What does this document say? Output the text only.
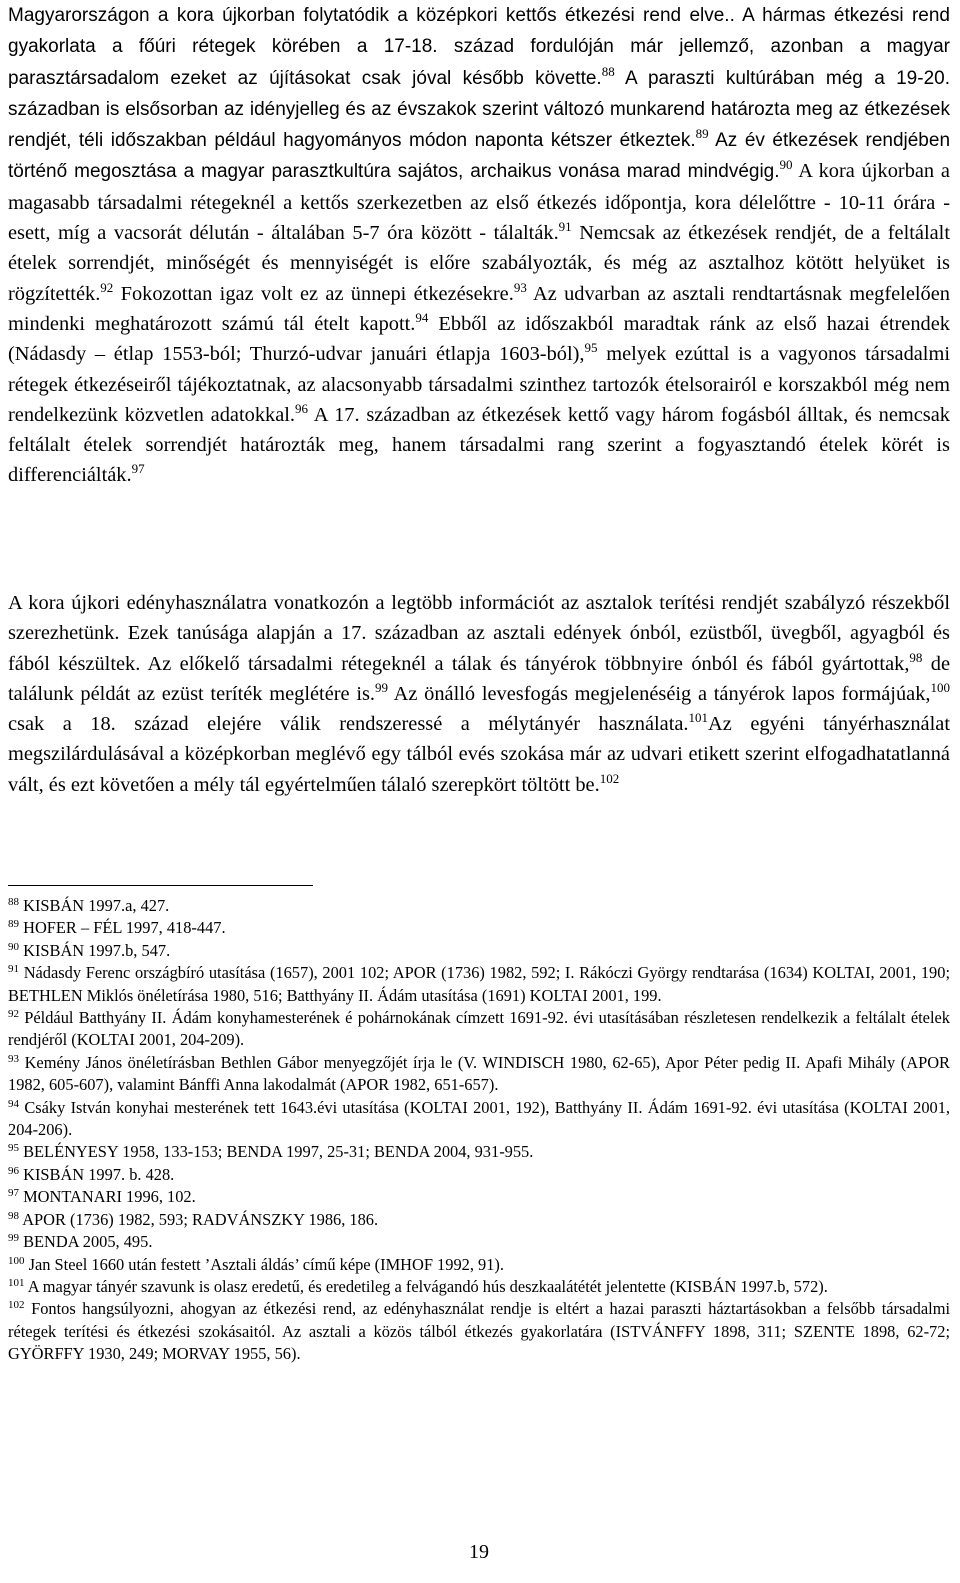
Magyarországon a kora újkorban folytatódik a középkori kettős étkezési rend elve.. A hármas étkezési rend gyakorlata a főúri rétegek körében a 17-18. század fordulóján már jellemző, azonban a magyar parasztársadalom ezeket az újításokat csak jóval később követte.$^{88}$ A paraszti kultúrában még a 19-20. században is elsősorban az idényjelleg és az évszakok szerint változó munkarend határozta meg az étkezések rendjét, téli időszakban például hagyományos módon naponta kétszer étkeztek.$^{89}$ Az év étkezések rendjében történő megosztása a magyar parasztkultúra sajátos, archaikus vonása marad mindvégig.$^{90}$ A kora újkorban a magasabb társadalmi rétegeknél a kettős szerkezetben az első étkezés időpontja, kora délelőttre - 10-11 órára - esett, míg a vacsorát délután - általában 5-7 óra között - tálalták.$^{91}$ Nemcsak az étkezések rendjét, de a feltálalt ételek sorrendjét, minőségét és mennyiségét is előre szabályozták, és még az asztalhoz kötött helyüket is rögzítették.$^{92}$ Fokozottan igaz volt ez az ünnepi étkezésekre.$^{93}$ Az udvarban az asztali rendtartásnak megfelelően mindenki meghatározott számú tál ételt kapott.$^{94}$ Ebből az időszakból maradtak ránk az első hazai étrendek (Nádasdy – étlap 1553-ból; Thurzó-udvar januári étlapja 1603-ból),$^{95}$ melyek ezúttal is a vagyonos társadalmi rétegek étkezéseiről tájékoztatnak, az alacsonyabb társadalmi szinthez tartozók ételsorairól e korszakból még nem rendelkezünk közvetlen adatokkal.$^{96}$ A 17. században az étkezések kettő vagy három fogásból álltak, és nemcsak feltálalt ételek sorrendjét határozták meg, hanem társadalmi rang szerint a fogyasztandó ételek körét is differenciálták.$^{97}$

A kora újkori edényhasználatra vonatkozón a legtöbb információt az asztalok terítési rendjét szabályzó részekből szerezhetünk. Ezek tanúsága alapján a 17. században az asztali edények ónból, ezüstből, üvegből, agyagból és fából készültek. Az előkelő társadalmi rétegeknél a tálak és tányérok többnyire ónból és fából gyártottak,$^{98}$ de találunk példát az ezüst teríték meglétére is.$^{99}$ Az önálló levesfogás megjelenéséig a tányérok lapos formájúak,$^{100}$ csak a 18. század elejére válik rendszeressé a mélytányér használata.$^{101}$Az egyéni tányérhasználat megszilárdulásával a középkorban meglévő egy tálból evés szokása már az udvari etikett szerint elfogadhatatlanná vált, és ezt követően a mély tál egyértelműen tálaló szerepkört töltött be.$^{102}$

$^{88}$ KISBÁN 1997.a, 427.

$^{89}$ HOFER – FÉL 1997, 418-447.

$^{90}$ KISBÁN 1997.b, 547.

$^{91}$ Nádasdy Ferenc országbíró utasítása (1657), 2001 102; APOR (1736) 1982, 592; I. Rákóczi György rendtarása (1634) KOLTAI, 2001, 190; BETHLEN Miklós önéletírása 1980, 516; Batthyány II. Ádám utasítása (1691) KOLTAI 2001, 199.

$^{92}$ Például Batthyány II. Ádám konyhamesterének é pohárnokának címzett 1691-92. évi utasításában részletesen rendelkezik a feltálalt ételek rendjéről (KOLTAI 2001, 204-209).

$^{93}$ Kemény János önéletírásban Bethlen Gábor menyegzőjét írja le (V. WINDISCH 1980, 62-65), Apor Péter pedig II. Apafi Mihály (APOR 1982, 605-607), valamint Bánffi Anna lakodalmát (APOR 1982, 651-657).

$^{94}$ Csáky István konyhai mesterének tett 1643.évi utasítása (KOLTAI 2001, 192), Batthyány II. Ádám 1691-92. évi utasítása (KOLTAI 2001, 204-206).

$^{95}$ BELÉNYESY 1958, 133-153; BENDA 1997, 25-31; BENDA 2004, 931-955.

$^{96}$ KISBÁN 1997. b. 428.

$^{97}$ MONTANARI 1996, 102.

$^{98}$ APOR (1736) 1982, 593; RADVÁNSZKY 1986, 186.

$^{99}$ BENDA 2005, 495.

$^{100}$ Jan Steel 1660 után festett ’Asztali áldás’ című képe (IMHOF 1992, 91).

$^{101}$ A magyar tányér szavunk is olasz eredetű, és eredetileg a felvágandó hús deszkaalátétét jelentette (KISBÁN 1997.b, 572).

$^{102}$ Fontos hangsúlyozni, ahogyan az étkezési rend, az edényhasználat rendje is eltért a hazai paraszti háztartásokban a felsőbb társadalmi rétegek terítési és étkezési szokásaitól. Az asztali a közös tálból étkezés gyakorlatára (ISTVÁNFFY 1898, 311; SZENTE 1898, 62-72; GYÖRFFY 1930, 249; MORVAY 1955, 56).

19
